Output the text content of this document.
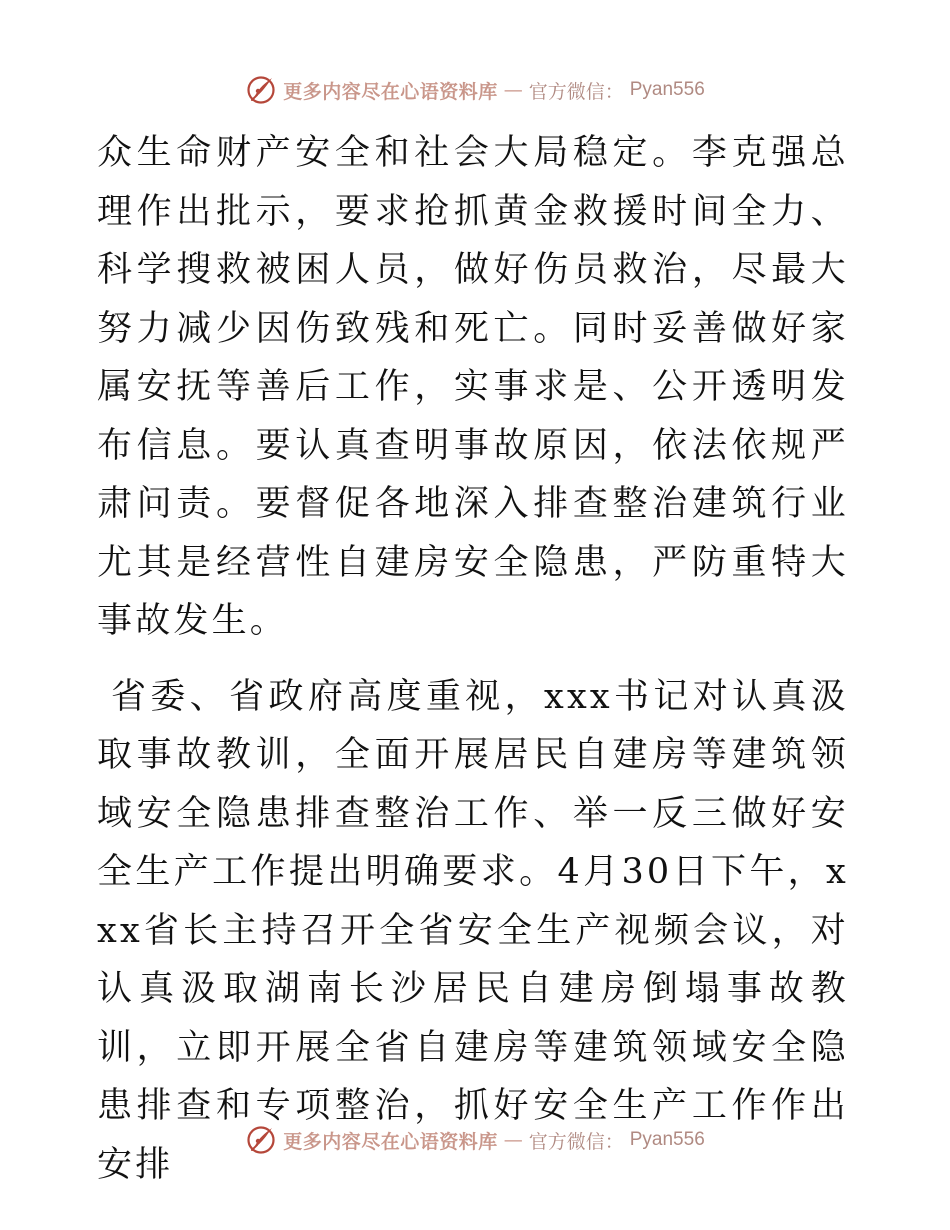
更多内容尽在心语资料库 — 官方微信： Pyan556

众生命财产安全和社会大局稳定。李克强总理作出批示，要求抢抓黄金救援时间全力、科学搜救被困人员，做好伤员救治，尽最大努力减少因伤致残和死亡。同时妥善做好家属安抚等善后工作，实事求是、公开透明发布信息。要认真查明事故原因，依法依规严肃问责。要督促各地深入排查整治建筑行业尤其是经营性自建房安全隐患，严防重特大事故发生。

省委、省政府高度重视，xxx书记对认真汲取事故教训，全面开展居民自建房等建筑领域安全隐患排查整治工作、举一反三做好安全生产工作提出明确要求。4月30日下午，xxx省长主持召开全省安全生产视频会议，对认真汲取湖南长沙居民自建房倒塌事故教训，立即开展全省自建房等建筑领域安全隐患排查和专项整治，抓好安全生产工作作出安排

更多内容尽在心语资料库 — 官方微信： Pyan556
